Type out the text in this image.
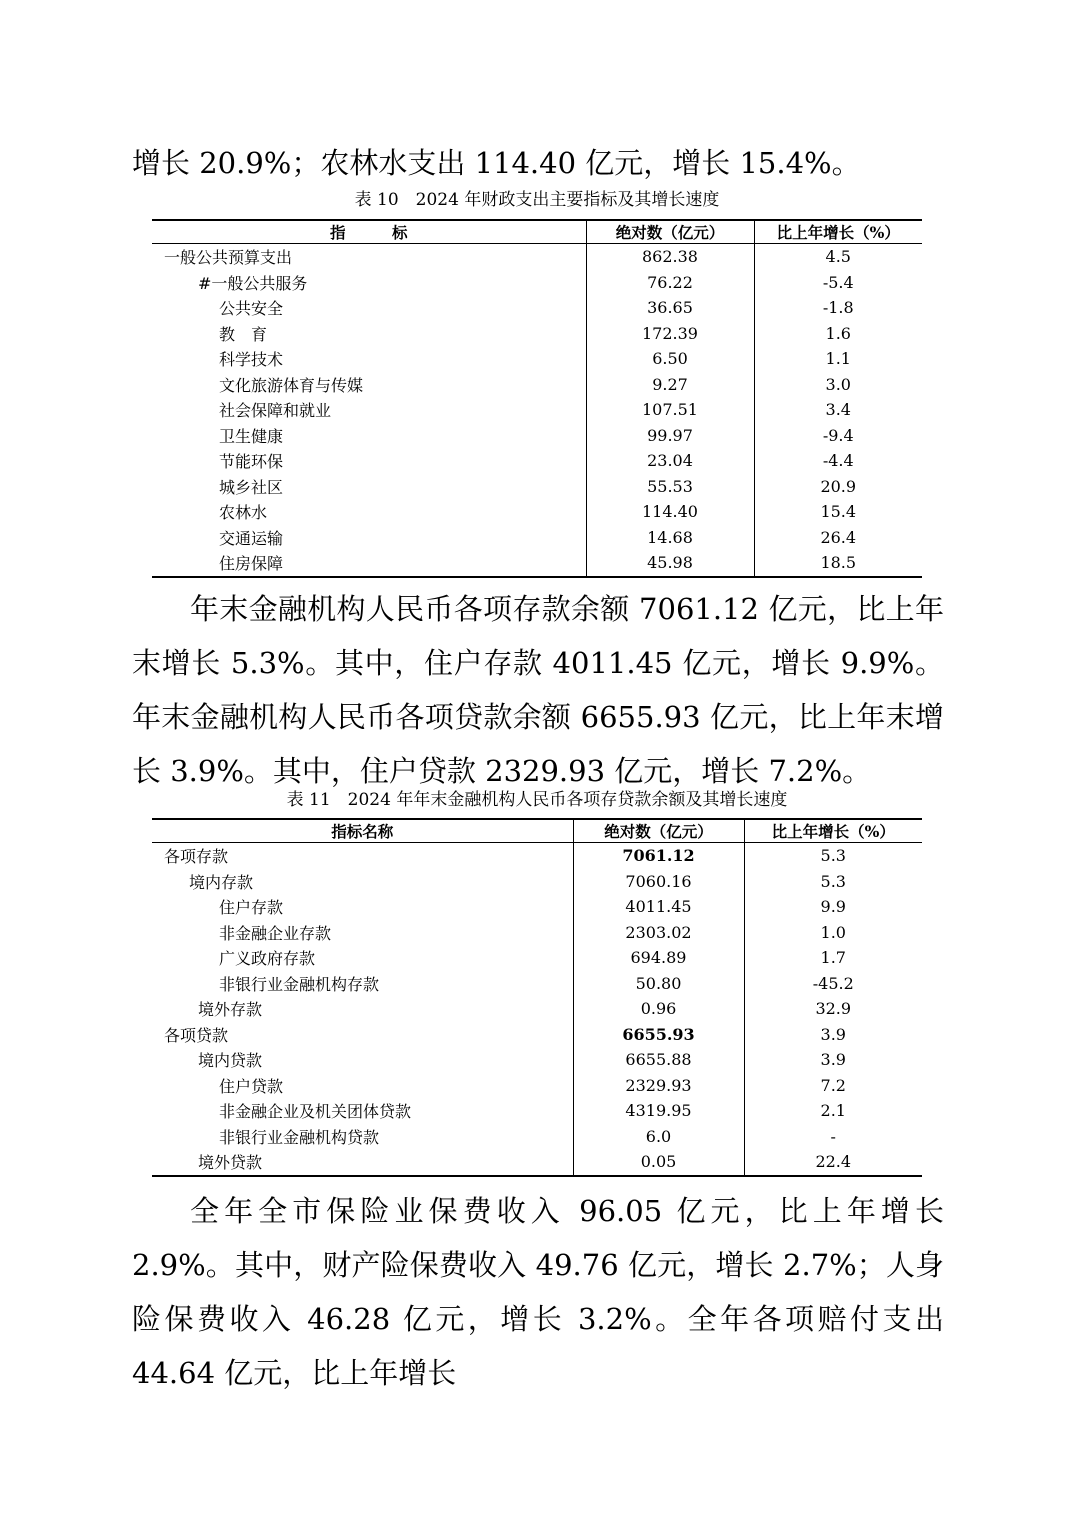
增长 20.9%；农林水支出 114.40 亿元，增长 15.4%。

表 10　2024 年财政支出主要指标及其增长速度

指　　　标	绝对数（亿元）	比上年增长（%）
一般公共预算支出	862.38	4.5
#一般公共服务	76.22	-5.4
公共安全	36.65	-1.8
教　育	172.39	1.6
科学技术	6.50	1.1
文化旅游体育与传媒	9.27	3.0
社会保障和就业	107.51	3.4
卫生健康	99.97	-9.4
节能环保	23.04	-4.4
城乡社区	55.53	20.9
农林水	114.40	15.4
交通运输	14.68	26.4
住房保障	45.98	18.5

年末金融机构人民币各项存款余额 7061.12 亿元，比上年末增长 5.3%。其中，住户存款 4011.45 亿元，增长 9.9%。年末金融机构人民币各项贷款余额 6655.93 亿元，比上年末增长 3.9%。其中，住户贷款 2329.93 亿元，增长 7.2%。

表 11　2024 年年末金融机构人民币各项存贷款余额及其增长速度

指标名称	绝对数（亿元）	比上年增长（%）
各项存款	7061.12	5.3
境内存款	7060.16	5.3
住户存款	4011.45	9.9
非金融企业存款	2303.02	1.0
广义政府存款	694.89	1.7
非银行业金融机构存款	50.80	-45.2
境外存款	0.96	32.9
各项贷款	6655.93	3.9
境内贷款	6655.88	3.9
住户贷款	2329.93	7.2
非金融企业及机关团体贷款	4319.95	2.1
非银行业金融机构贷款	6.0	-
境外贷款	0.05	22.4

全年全市保险业保费收入 96.05 亿元，比上年增长 2.9%。其中，财产险保费收入 49.76 亿元，增长 2.7%；人身险保费收入 46.28 亿元，增长 3.2%。全年各项赔付支出 44.64 亿元，比上年增长
